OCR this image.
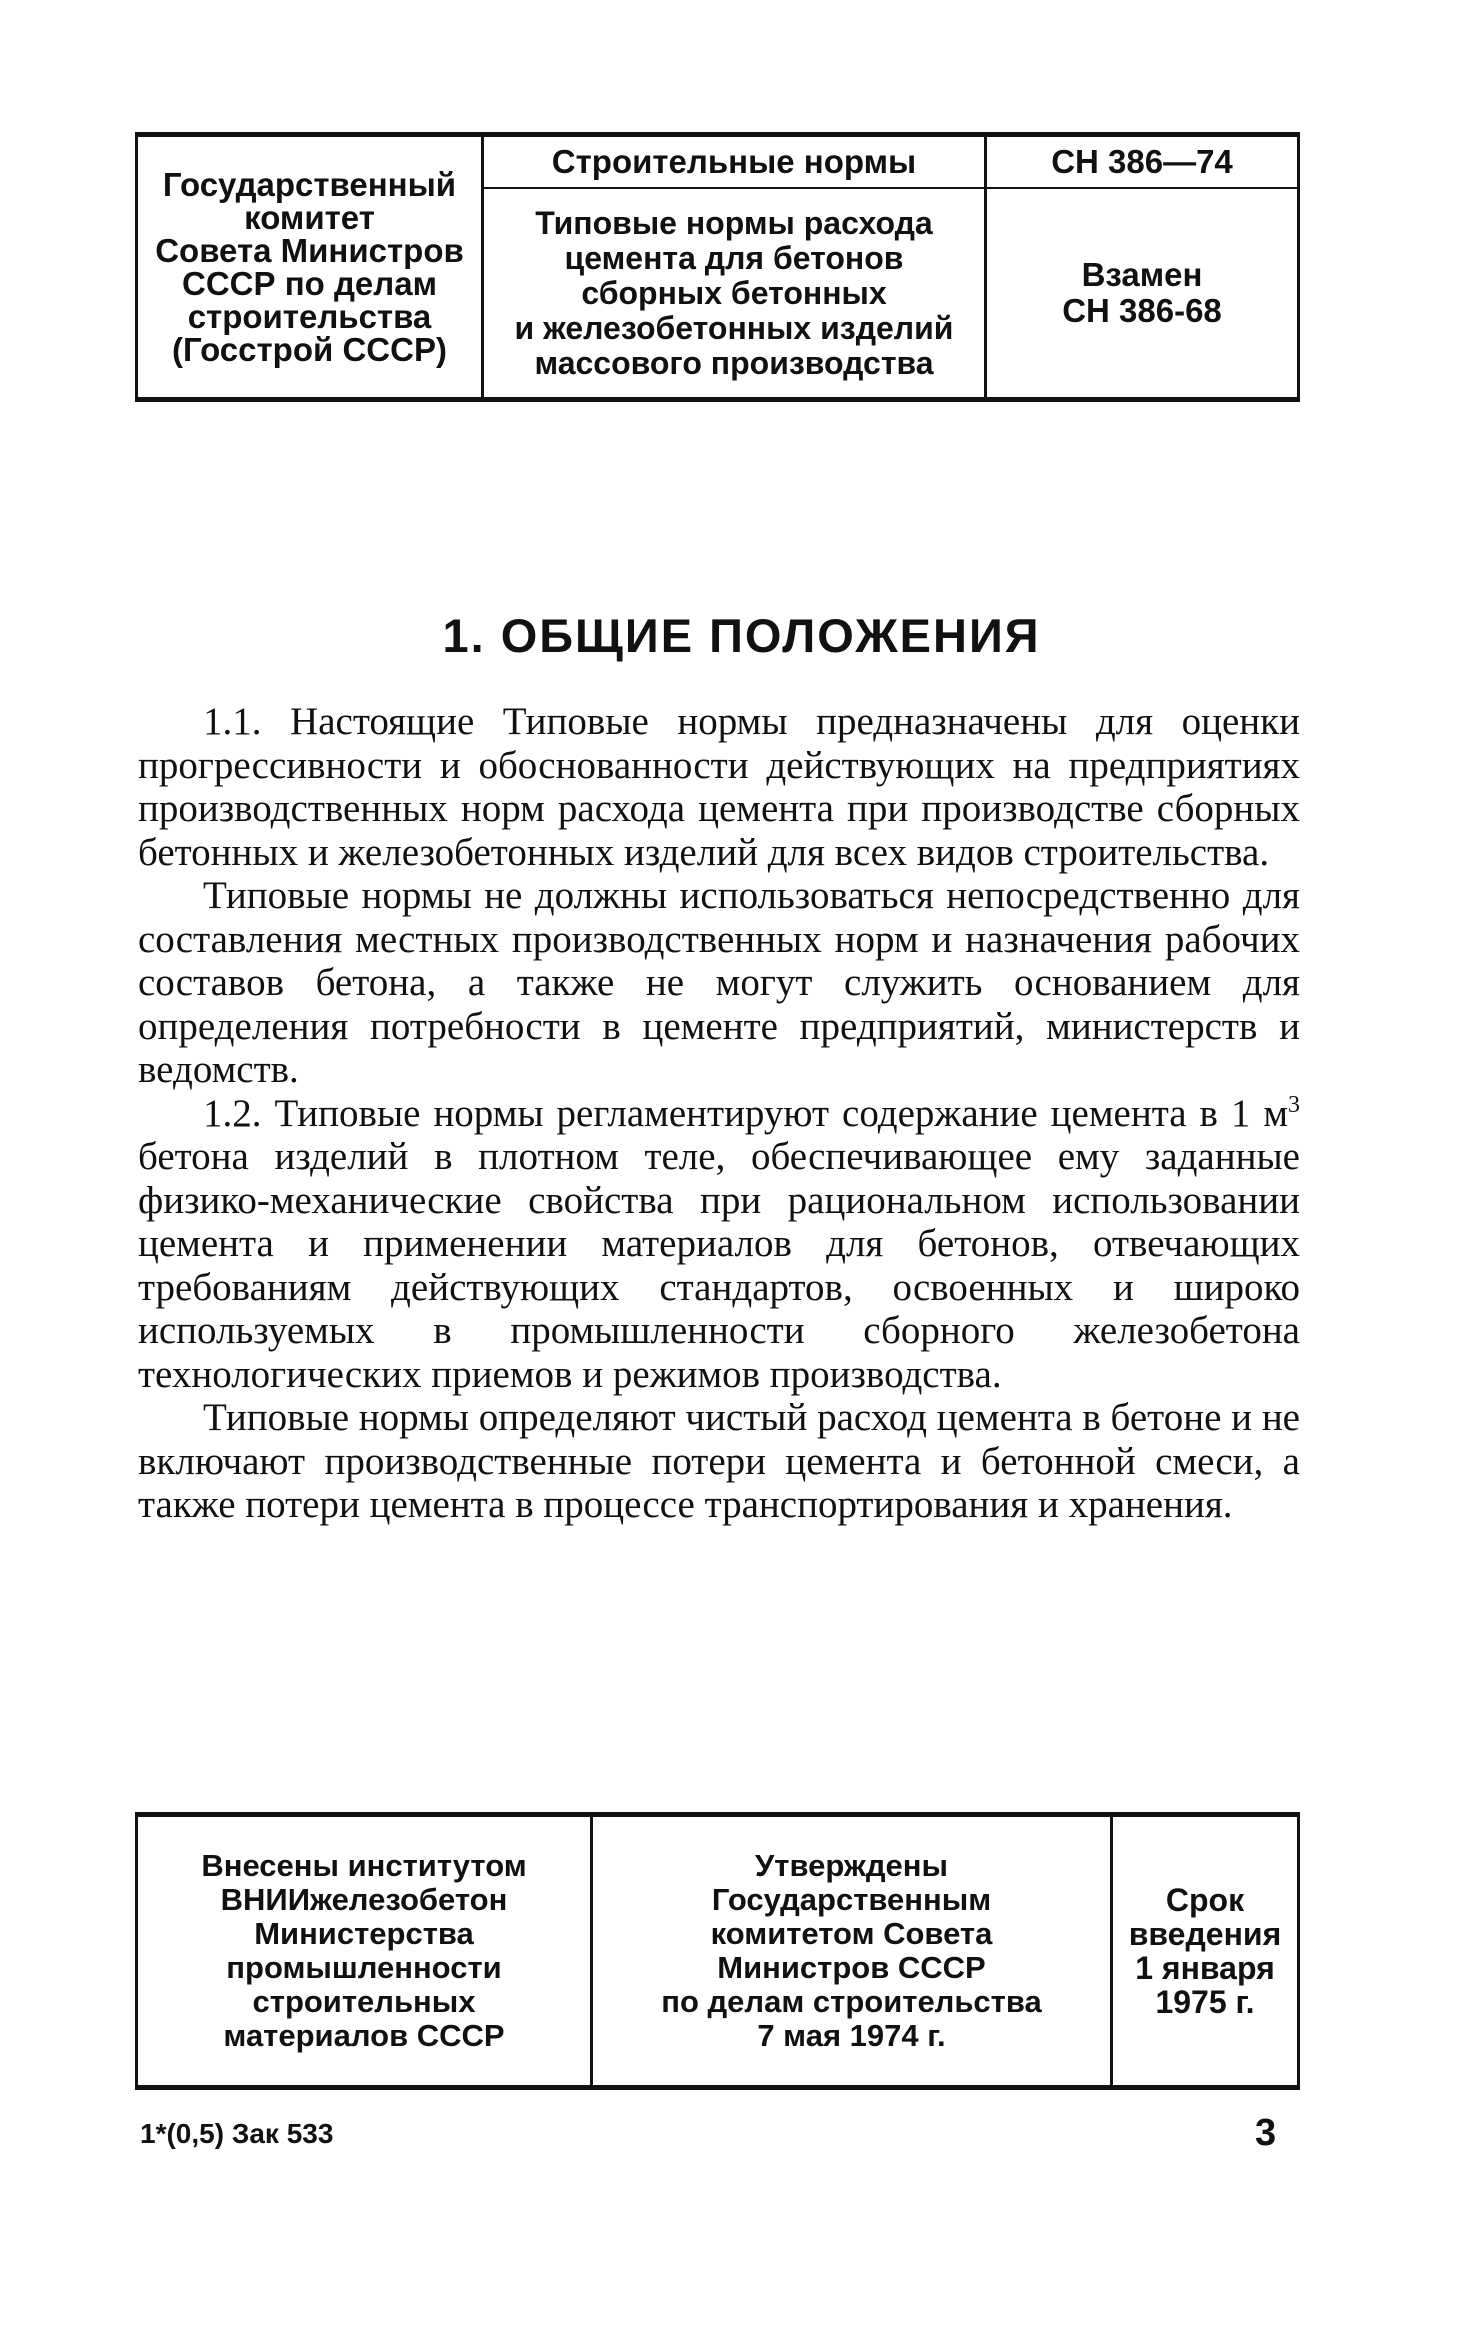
Государственный
комитет
Совета Министров
СССР по делам
строительства
(Госстрой СССР)
Строительные нормы
Типовые нормы расхода
цемента для бетонов
сборных бетонных
и железобетонных изделий
массового производства
СН 386—74
Взамен
СН 386-68
1. ОБЩИЕ ПОЛОЖЕНИЯ

1.1. Настоящие Типовые нормы предназначены для оценки прогрессивности и обоснованности действующих на предприятиях производственных норм расхода цемента при производстве сборных бетонных и железобетонных изделий для всех видов строительства.

Типовые нормы не должны использоваться непосредственно для составления местных производственных норм и назначения рабочих составов бетона, а также не могут служить основанием для определения потребности в цементе предприятий, министерств и ведомств.

1.2. Типовые нормы регламентируют содержание цемента в 1 $м^3$ бетона изделий в плотном теле, обеспечивающее ему заданные физико-механические свойства при рациональном использовании цемента и применении материалов для бетонов, отвечающих требованиям действующих стандартов, освоенных и широко используемых в промышленности сборного железобетона технологических приемов и режимов производства.

Типовые нормы определяют чистый расход цемента в бетоне и не включают производственные потери цемента и бетонной смеси, а также потери цемента в процессе транспортирования и хранения.

Внесены институтом
ВНИИжелезобетон
Министерства
промышленности
строительных
материалов СССР
Утверждены
Государственным
комитетом Совета
Министров СССР
по делам строительства
7 мая 1974 г.
Срок
введения
1 января
1975 г.
1*(0,5) Зак 533	3
